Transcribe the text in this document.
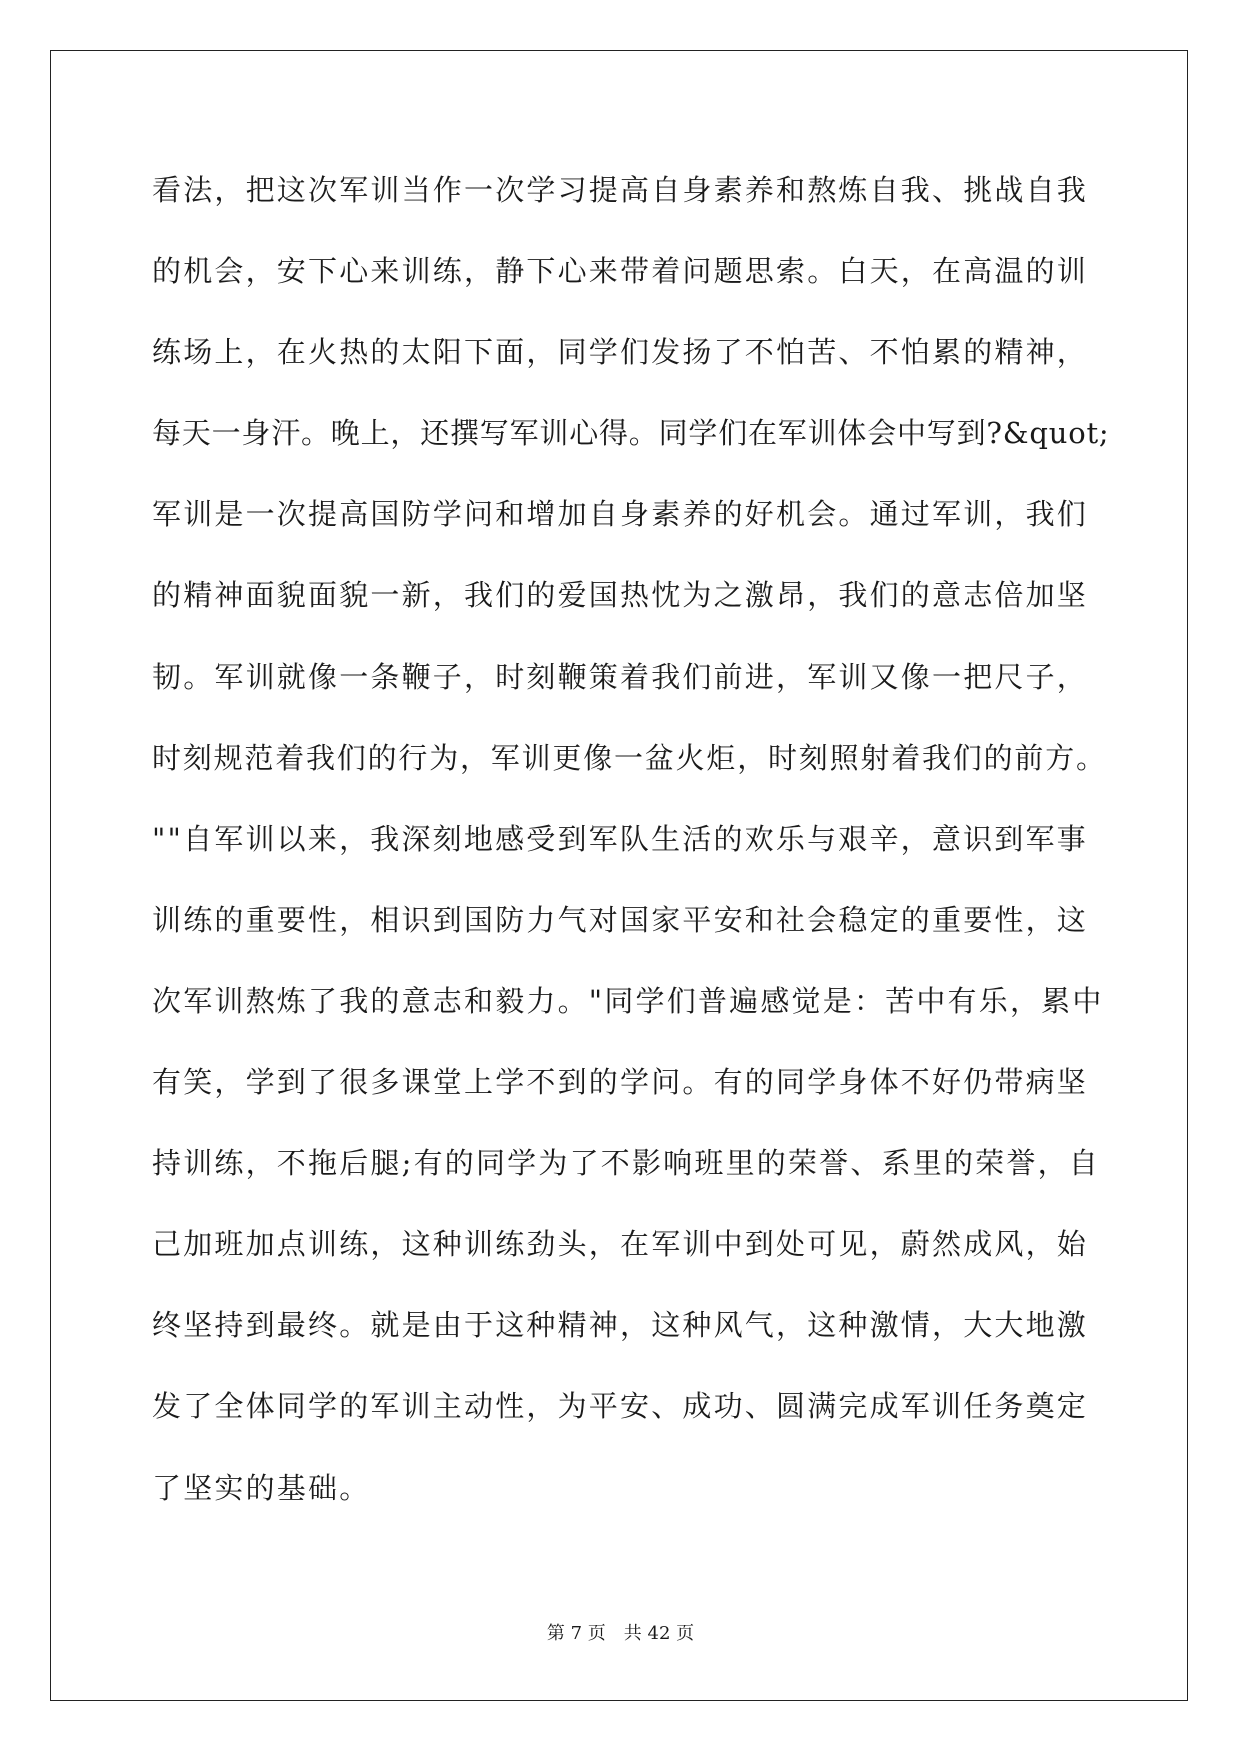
看法，把这次军训当作一次学习提高自身素养和熬炼自我、挑战自我
的机会，安下心来训练，静下心来带着问题思索。白天，在高温的训
练场上，在火热的太阳下面，同学们发扬了不怕苦、不怕累的精神，
每天一身汗。晚上，还撰写军训心得。同学们在军训体会中写到?&quot;
军训是一次提高国防学问和增加自身素养的好机会。通过军训，我们
的精神面貌面貌一新，我们的爱国热忱为之激昂，我们的意志倍加坚
韧。军训就像一条鞭子，时刻鞭策着我们前进，军训又像一把尺子，
时刻规范着我们的行为，军训更像一盆火炬，时刻照射着我们的前方。
""自军训以来，我深刻地感受到军队生活的欢乐与艰辛，意识到军事
训练的重要性，相识到国防力气对国家平安和社会稳定的重要性，这
次军训熬炼了我的意志和毅力。"同学们普遍感觉是：苦中有乐，累中
有笑，学到了很多课堂上学不到的学问。有的同学身体不好仍带病坚
持训练，不拖后腿;有的同学为了不影响班里的荣誉、系里的荣誉，自
己加班加点训练，这种训练劲头，在军训中到处可见，蔚然成风，始
终坚持到最终。就是由于这种精神，这种风气，这种激情，大大地激
发了全体同学的军训主动性，为平安、成功、圆满完成军训任务奠定
了坚实的基础。
第 7 页　共 42 页
